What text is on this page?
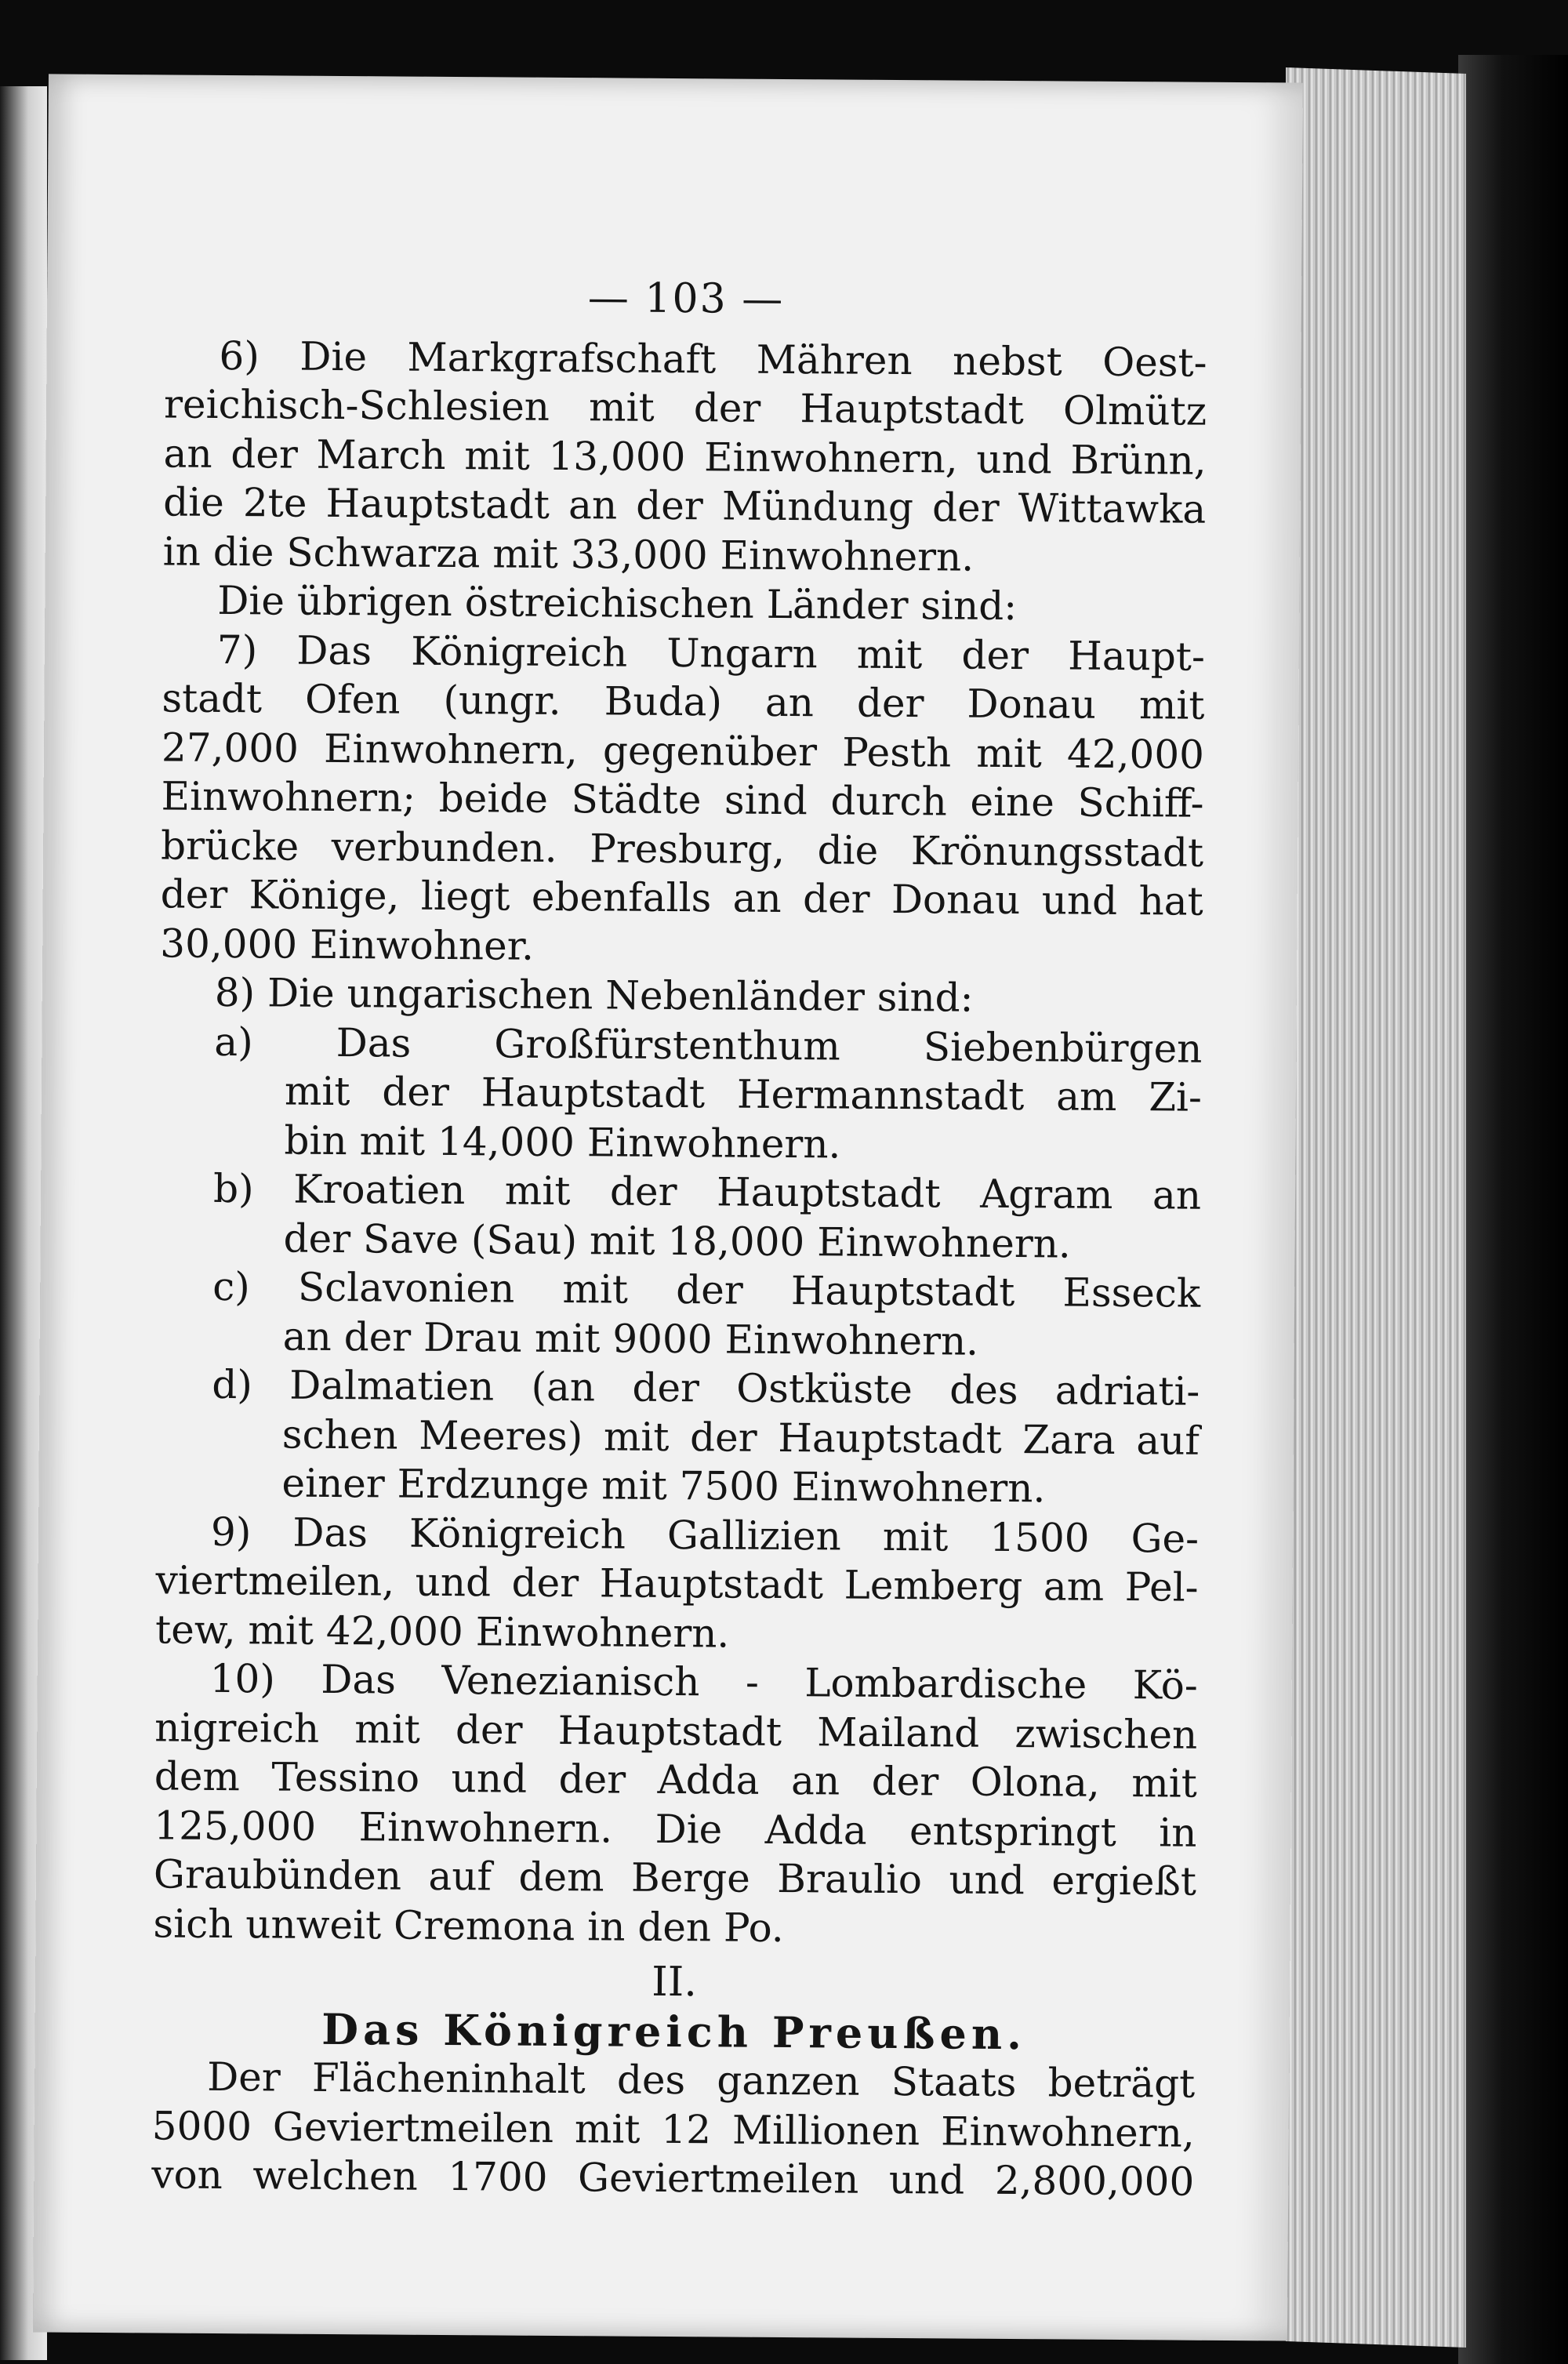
— 103 —
6) Die Markgrafschaft Mähren nebst Oest-
reichisch-Schlesien mit der Hauptstadt Olmütz
an der March mit 13,000 Einwohnern, und Brünn,
die 2te Hauptstadt an der Mündung der Wittawka
in die Schwarza mit 33,000 Einwohnern.
Die übrigen östreichischen Länder sind:
7) Das Königreich Ungarn mit der Haupt-
stadt Ofen (ungr. Buda) an der Donau mit
27,000 Einwohnern, gegenüber Pesth mit 42,000
Einwohnern; beide Städte sind durch eine Schiff-
brücke verbunden. Presburg, die Krönungsstadt
der Könige, liegt ebenfalls an der Donau und hat
30,000 Einwohner.
8) Die ungarischen Nebenländer sind:
a) Das Großfürstenthum Siebenbürgen
mit der Hauptstadt Hermannstadt am Zi-
bin mit 14,000 Einwohnern.
b) Kroatien mit der Hauptstadt Agram an
der Save (Sau) mit 18,000 Einwohnern.
c) Sclavonien mit der Hauptstadt Esseck
an der Drau mit 9000 Einwohnern.
d) Dalmatien (an der Ostküste des adriati-
schen Meeres) mit der Hauptstadt Zara auf
einer Erdzunge mit 7500 Einwohnern.
9) Das Königreich Gallizien mit 1500 Ge-
viertmeilen, und der Hauptstadt Lemberg am Pel-
tew, mit 42,000 Einwohnern.
10) Das Venezianisch - Lombardische Kö-
nigreich mit der Hauptstadt Mailand zwischen
dem Tessino und der Adda an der Olona, mit
125,000 Einwohnern. Die Adda entspringt in
Graubünden auf dem Berge Braulio und ergießt
sich unweit Cremona in den Po.
II.
Das Königreich Preußen.
Der Flächeninhalt des ganzen Staats beträgt
5000 Geviertmeilen mit 12 Millionen Einwohnern,
von welchen 1700 Geviertmeilen und 2,800,000
